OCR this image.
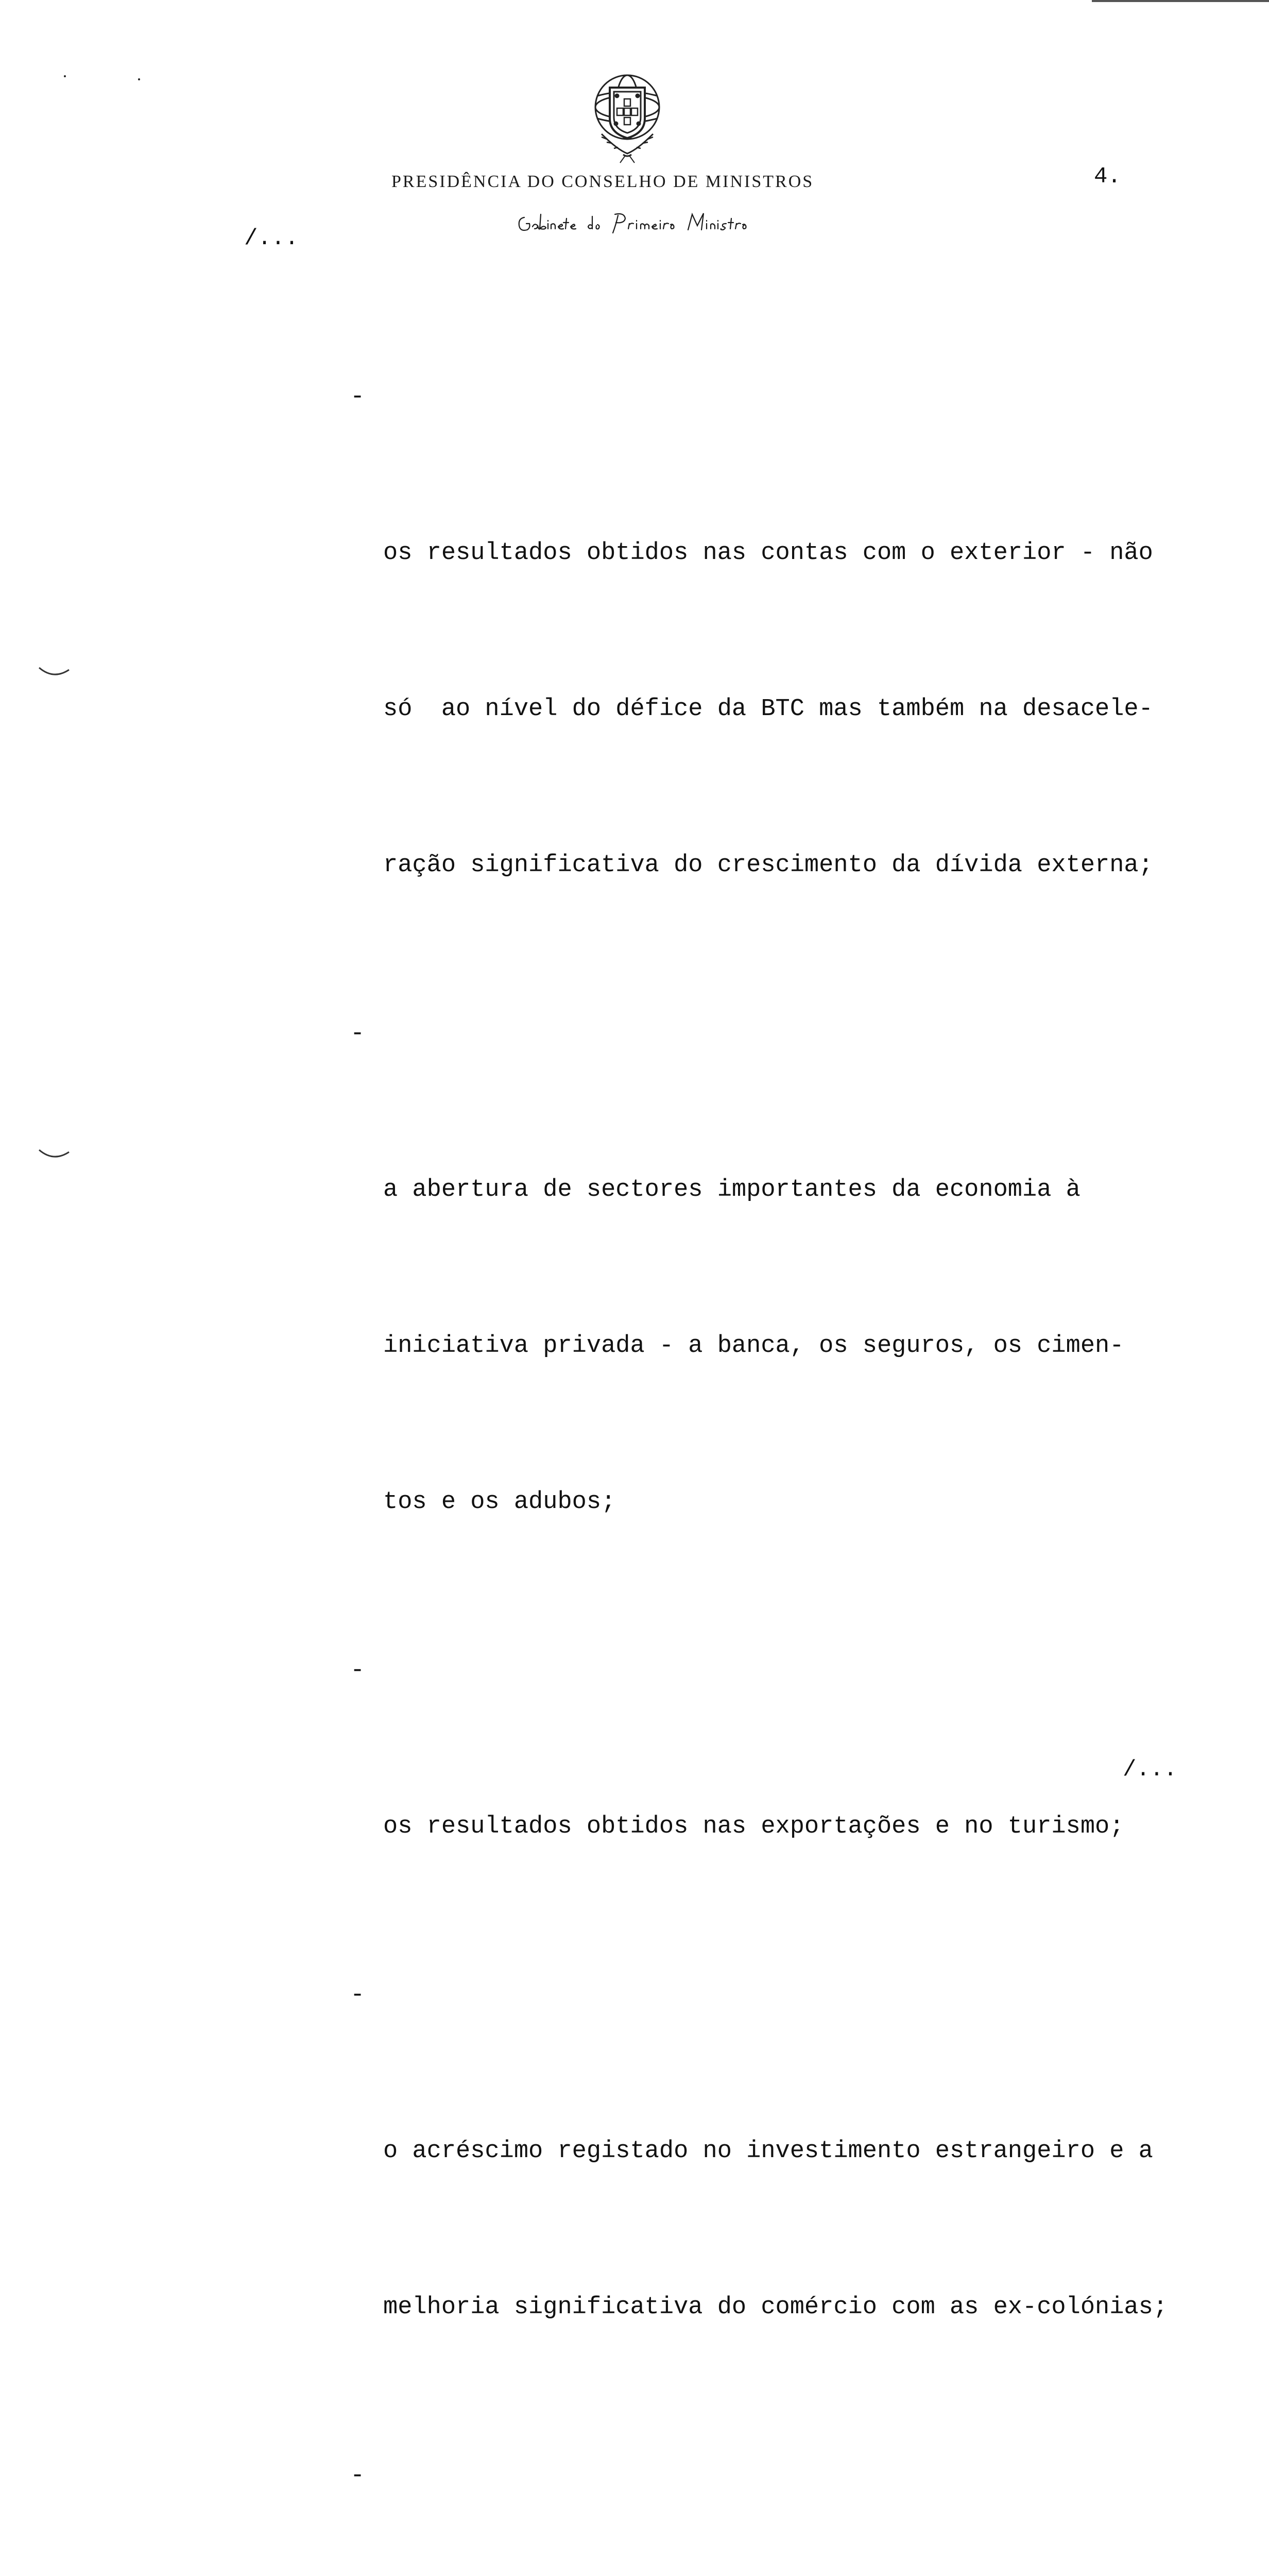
PRESIDÊNCIA DO CONSELHO DE MINISTROS	4.
/...

-

os resultados obtidos nas contas com o exterior - não

só  ao nível do défice da BTC mas também na desacele-

ração significativa do crescimento da dívida externa;

-

a abertura de sectores importantes da economia à

iniciativa privada - a banca, os seguros, os cimen-

tos e os adubos;

-

os resultados obtidos nas exportações e no turismo;

-

o acréscimo registado no investimento estrangeiro e a

melhoria significativa do comércio com as ex-colónias;

-

/...
